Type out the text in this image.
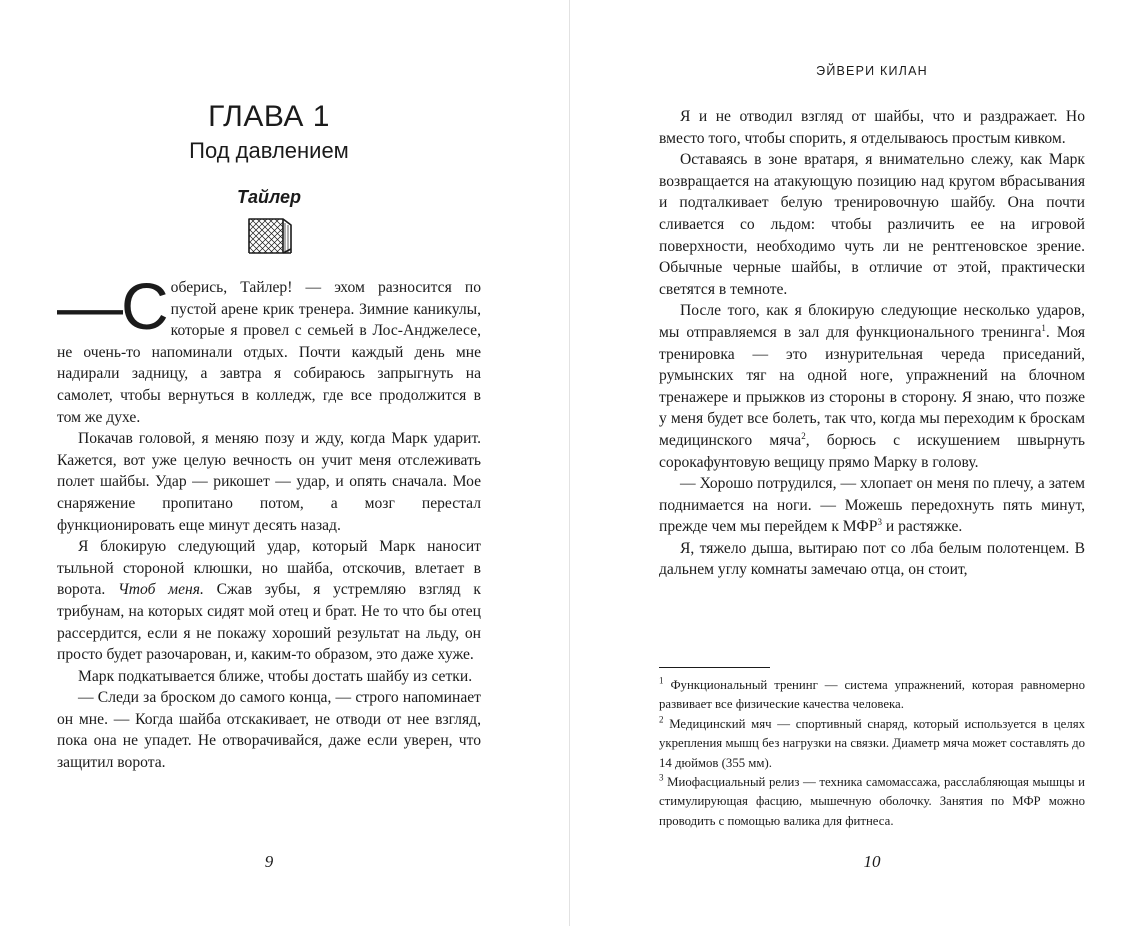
ГЛАВА 1
Под давлением
Тайлер

—С оберись, Тайлер! — эхом разносится по пустой арене крик тренера. Зимние каникулы, которые я провел с семьей в Лос-Анджелесе, не очень-то напоминали отдых. Почти каждый день мне надирали задницу, а завтра я собираюсь запрыгнуть на самолет, чтобы вернуться в колледж, где все продолжится в том же духе.

Покачав головой, я меняю позу и жду, когда Марк ударит. Кажется, вот уже целую вечность он учит меня отслеживать полет шайбы. Удар — рикошет — удар, и опять сначала. Мое снаряжение пропитано потом, а мозг перестал функционировать еще минут десять назад.

Я блокирую следующий удар, который Марк наносит тыльной стороной клюшки, но шайба, отскочив, влетает в ворота. Чтоб меня. Сжав зубы, я устремляю взгляд к трибунам, на которых сидят мой отец и брат. Не то что бы отец рассердится, если я не покажу хороший результат на льду, он просто будет разочарован, и, каким-то образом, это даже хуже.

Марк подкатывается ближе, чтобы достать шайбу из сетки.

— Следи за броском до самого конца, — строго напоминает он мне. — Когда шайба отскакивает, не отводи от нее взгляд, пока она не упадет. Не отворачивайся, даже если уверен, что защитил ворота.

9
ЭЙВЕРИ КИЛАН

Я и не отводил взгляд от шайбы, что и раздражает. Но вместо того, чтобы спорить, я отделываюсь простым кивком.

Оставаясь в зоне вратаря, я внимательно слежу, как Марк возвращается на атакующую позицию над кругом вбрасывания и подталкивает белую тренировочную шайбу. Она почти сливается со льдом: чтобы различить ее на игровой поверхности, необходимо чуть ли не рентгеновское зрение. Обычные черные шайбы, в отличие от этой, практически светятся в темноте.

После того, как я блокирую следующие несколько ударов, мы отправляемся в зал для функционального тренинга$^1$. Моя тренировка — это изнурительная череда приседаний, румынских тяг на одной ноге, упражнений на блочном тренажере и прыжков из стороны в сторону. Я знаю, что позже у меня будет все болеть, так что, когда мы переходим к броскам медицинского мяча$^2$, борюсь с искушением швырнуть сорокафунтовую вещицу прямо Марку в голову.

— Хорошо потрудился, — хлопает он меня по плечу, а затем поднимается на ноги. — Можешь передохнуть пять минут, прежде чем мы перейдем к МФР$^3$ и растяжке.

Я, тяжело дыша, вытираю пот со лба белым полотенцем. В дальнем углу комнаты замечаю отца, он стоит,

$^1$ Функциональный тренинг — система упражнений, которая равномерно развивает все физические качества человека.

$^2$ Медицинский мяч — спортивный снаряд, который используется в целях укрепления мышц без нагрузки на связки. Диаметр мяча может составлять до 14 дюймов (355 мм).

$^3$ Миофасциальный релиз — техника самомассажа, расслабляющая мышцы и стимулирующая фасцию, мышечную оболочку. Занятия по МФР можно проводить с помощью валика для фитнеса.

10
